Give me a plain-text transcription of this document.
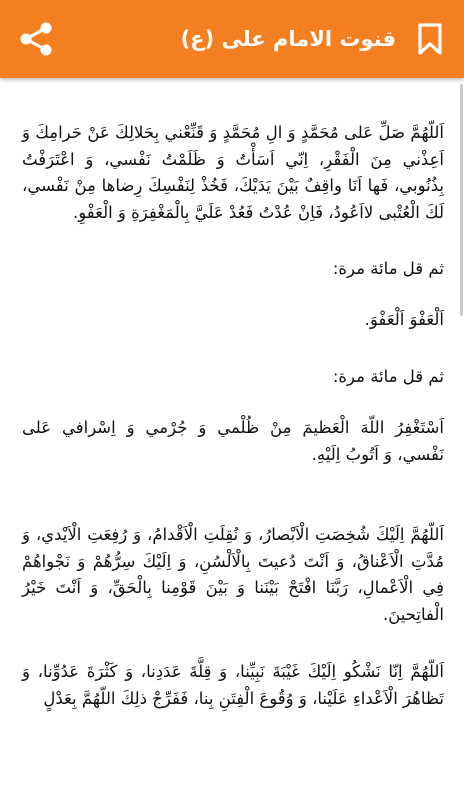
قنوت الامام على (ع)
اَللّهُمَّ صَلِّ عَلى مُحَمَّدٍ وَ الِ مُحَمَّدٍ وَ قَنِّعْني بِحَلالِكَ عَنْ حَرامِكَ وَ اَعِذْني مِنَ الْفَقْرِ، اِنّي اَسَأْتُ وَ ظَلَمْتُ نَفْسي، وَ اعْتَرَفْتُ بِذُنُوبي، فَها اَنَا واقِفٌ بَيْنَ يَدَيْكَ، فَخُذْ لِنَفْسِكَ رِضاها مِنْ نَفْسي، لَكَ الْعُتْبى لااَعُودُ، فَاِنْ عُدْتُ فَعُدْ عَلَيَّ بِالْمَغْفِرَةِ وَ الْعَفْوِ.
ثم قل مائة مرة:
اَلْعَفْوَ اَلْعَفْوَ.
ثم قل مائة مرة:
اَسْتَغْفِرُ اللّهَ الْعَظيمَ مِنْ ظُلْمي وَ جُرْمي وَ اِسْرافي عَلى نَفْسي، وَ اَتُوبُ اِلَيْهِ.
اَللّهُمَّ اِلَيْكَ شُخِصَتِ الْاَبْصارُ، وَ نُقِلَتِ الْاَقْدامُ، وَ رُفِعَتِ الْاَيْدي، وَ مُدَّتِ الْاَعْناقُ، وَ اَنْتَ دُعيتَ بِالْاَلْسُنِ، وَ اِلَيْكَ سِرُّهُمْ وَ نَجْواهُمْ فِي الْاَعْمالِ، رَبَّنَا افْتَحْ بَيْنَنا وَ بَيْنَ قَوْمِنا بِالْحَقِّ، وَ اَنْتَ خَيْرُ الْفاتِحينَ.
اَللّهُمَّ اِنّا نَشْكُو اِلَيْكَ غَيْبَةَ نَبِيِّنا، وَ قِلَّةَ عَدَدِنا، وَ كَثْرَةَ عَدُوِّنا، وَ تَظاهُرَ الْاَعْداءِ عَلَيْنا، وَ وُقُوعَ الْفِتَنِ بِنا، فَفَرِّجْ ذلِكَ اللّهُمَّ بِعَدْلٍ
